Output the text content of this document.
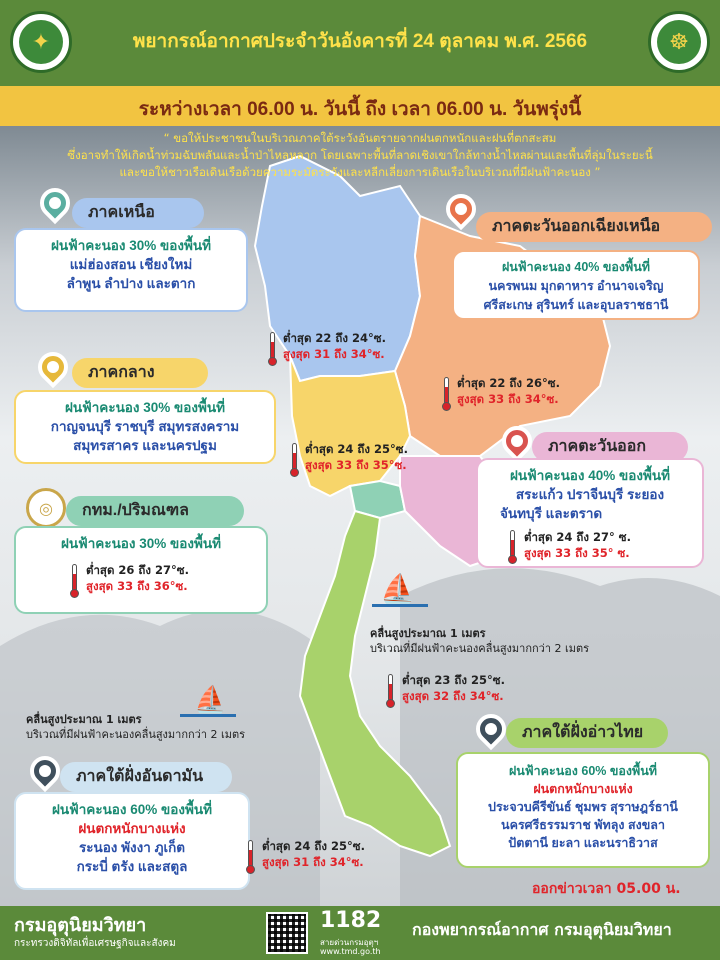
✦	พยากรณ์อากาศประจำวันอังคารที่ 24 ตุลาคม พ.ศ. 2566	☸
ระหว่างเวลา 06.00 น. วันนี้ ถึง เวลา 06.00 น. วันพรุ่งนี้
“ ขอให้ประชาชนในบริเวณภาคใต้ระวังอันตรายจากฝนตกหนักและฝนที่ตกสะสม
ซึ่งอาจทำให้เกิดน้ำท่วมฉับพลันและน้ำป่าไหลหลาก โดยเฉพาะพื้นที่ลาดเชิงเขาใกล้ทางน้ำไหลผ่านและพื้นที่ลุ่มในระยะนี้
และขอให้ชาวเรือเดินเรือด้วยความระมัดระวังและหลีกเลี่ยงการเดินเรือในบริเวณที่มีฝนฟ้าคะนอง ”
ภาคเหนือ
ฝนฟ้าคะนอง 30% ของพื้นที่
แม่ฮ่องสอน เชียงใหม่
ลำพูน ลำปาง และตาก
ต่ำสุด 22 ถึง 24°ซ.
สูงสุด 31 ถึง 34°ซ.
ภาคตะวันออกเฉียงเหนือ
ฝนฟ้าคะนอง 40% ของพื้นที่
นครพนม มุกดาหาร อำนาจเจริญ
ศรีสะเกษ สุรินทร์ และอุบลราชธานี
ต่ำสุด 22 ถึง 26°ซ.
สูงสุด 33 ถึง 34°ซ.
ภาคกลาง
ฝนฟ้าคะนอง 30% ของพื้นที่
กาญจนบุรี ราชบุรี สมุทรสงคราม
สมุทรสาคร และนครปฐม	ต่ำสุด 24 ถึง 25°ซ.
สูงสุด 33 ถึง 35°ซ.
ภาคตะวันออก
ฝนฟ้าคะนอง 40% ของพื้นที่
สระแก้ว ปราจีนบุรี ระยอง
จันทบุรี และตราด
ต่ำสุด 24 ถึง 27° ซ.
สูงสุด 33 ถึง 35° ซ.
◎	กทม./ปริมณฑล
ฝนฟ้าคะนอง 30% ของพื้นที่
ต่ำสุด 26 ถึง 27°ซ.
สูงสุด 33 ถึง 36°ซ.	⛵
คลื่นสูงประมาณ 1 เมตร
บริเวณที่มีฝนฟ้าคะนองคลื่นสูงมากกว่า 2 เมตร
ต่ำสุด 23 ถึง 25°ซ.
สูงสุด 32 ถึง 34°ซ.
⛵
คลื่นสูงประมาณ 1 เมตร
บริเวณที่มีฝนฟ้าคะนองคลื่นสูงมากกว่า 2 เมตร	ภาคใต้ฝั่งอ่าวไทย
ฝนฟ้าคะนอง 60% ของพื้นที่
ฝนตกหนักบางแห่ง
ประจวบคีรีขันธ์ ชุมพร สุราษฎร์ธานี
นครศรีธรรมราช พัทลุง สงขลา
ปัตตานี ยะลา และนราธิวาส
ภาคใต้ฝั่งอันดามัน
ฝนฟ้าคะนอง 60% ของพื้นที่
ฝนตกหนักบางแห่ง
ระนอง พังงา ภูเก็ต
กระบี่ ตรัง และสตูล
ต่ำสุด 24 ถึง 25°ซ.
สูงสุด 31 ถึง 34°ซ.
ออกข่าวเวลา 05.00 น.
กรมอุตุนิยมวิทยา
กระทรวงดิจิทัลเพื่อเศรษฐกิจและสังคม
1182
สายด่วนกรมอุตุฯ
www.tmd.go.th
กองพยากรณ์อากาศ กรมอุตุนิยมวิทยา
